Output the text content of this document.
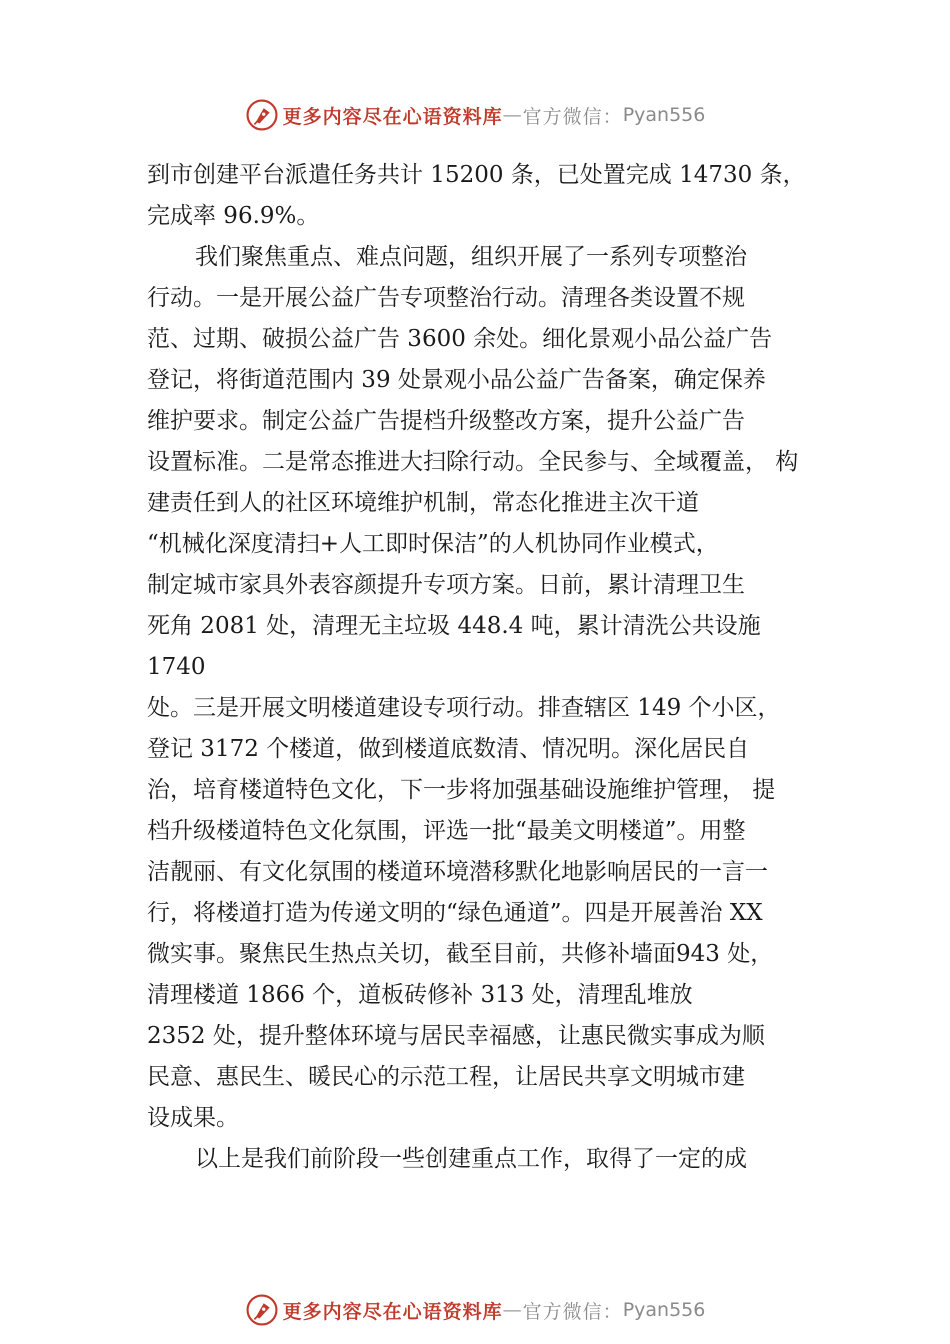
更多内容尽在心语资料库 — 官方微信： Pyan556

到市创建平台派遣任务共计 15200 条，已处置完成 14730 条，

完成率 96.9%。

我们聚焦重点、难点问题，组织开展了一系列专项整治

行动。一是开展公益广告专项整治行动。清理各类设置不规

范、过期、破损公益广告 3600 余处。细化景观小品公益广告

登记，将街道范围内 39 处景观小品公益广告备案，确定保养

维护要求。制定公益广告提档升级整改方案，提升公益广告

设置标准。二是常态推进大扫除行动。全民参与、全域覆盖， 构

建责任到人的社区环境维护机制，常态化推进主次干道

“机械化深度清扫+人工即时保洁”的人机协同作业模式，

制定城市家具外表容颜提升专项方案。日前，累计清理卫生

死角 2081 处，清理无主垃圾 448.4 吨，累计清洗公共设施

1740

处。三是开展文明楼道建设专项行动。排查辖区 149 个小区，

登记 3172 个楼道，做到楼道底数清、情况明。深化居民自

治，培育楼道特色文化，下一步将加强基础设施维护管理， 提

档升级楼道特色文化氛围，评选一批“最美文明楼道”。用整

洁靓丽、有文化氛围的楼道环境潜移默化地影响居民的一言一

行，将楼道打造为传递文明的“绿色通道”。四是开展善治 XX

微实事。聚焦民生热点关切，截至目前，共修补墙面943 处，

清理楼道 1866 个，道板砖修补 313 处，清理乱堆放

2352 处，提升整体环境与居民幸福感，让惠民微实事成为顺

民意、惠民生、暖民心的示范工程，让居民共享文明城市建

设成果。

以上是我们前阶段一些创建重点工作，取得了一定的成

更多内容尽在心语资料库 — 官方微信： Pyan556
